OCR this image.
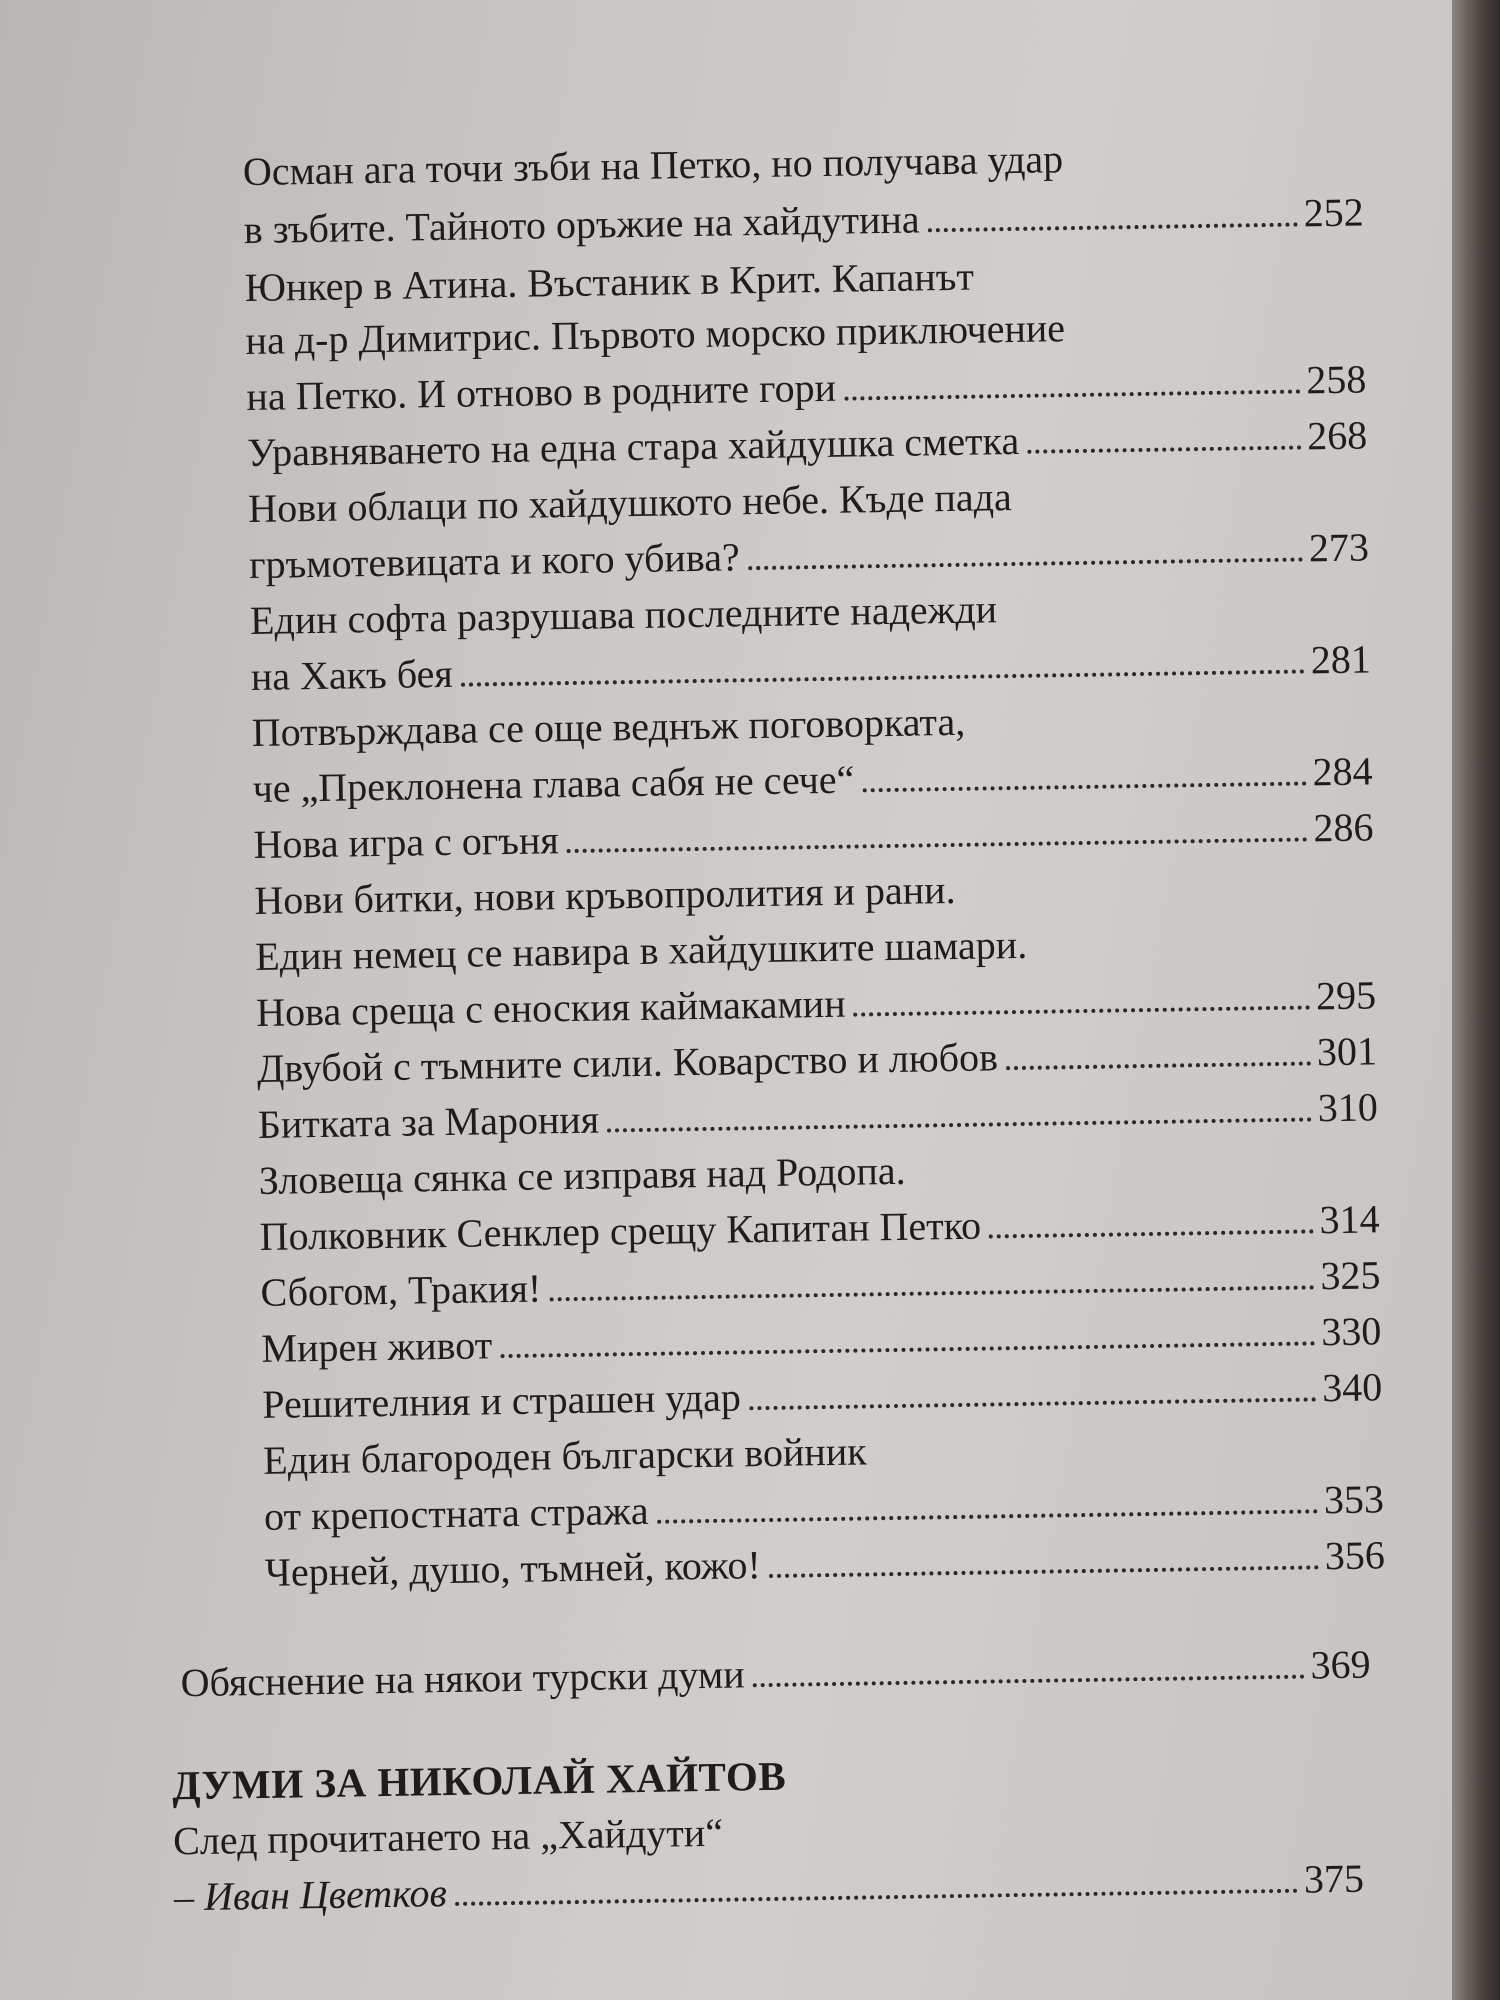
Осман ага точи зъби на Петко, но получава удар
в зъбите. Тайното оръжие на хайдутина	252
Юнкер в Атина. Въстаник в Крит. Капанът
на д-р Димитрис. Първото морско приключение
на Петко. И отново в родните гори	258
Уравняването на една стара хайдушка сметка	268
Нови облаци по хайдушкото небе. Къде пада
гръмотевицата и кого убива?	273
Един софта разрушава последните надежди
на Хакъ бея	281
Потвърждава се още веднъж поговорката,
че „Преклонена глава сабя не сече“	284
Нова игра с огъня	286
Нови битки, нови кръвопролития и рани.
Един немец се навира в хайдушките шамари.
Нова среща с еноския каймакамин	295
Двубой с тъмните сили. Коварство и любов	301
Битката за Марония	310
Зловеща сянка се изправя над Родопа.
Полковник Сенклер срещу Капитан Петко	314
Сбогом, Тракия!	325
Мирен живот	330
Решителния и страшен удар	340
Един благороден български войник
от крепостната стража	353
Черней, душо, тъмней, кожо!	356
Обяснение на някои турски думи	369
ДУМИ ЗА НИКОЛАЙ ХАЙТОВ
След прочитането на „Хайдути“
– Иван Цветков	375
